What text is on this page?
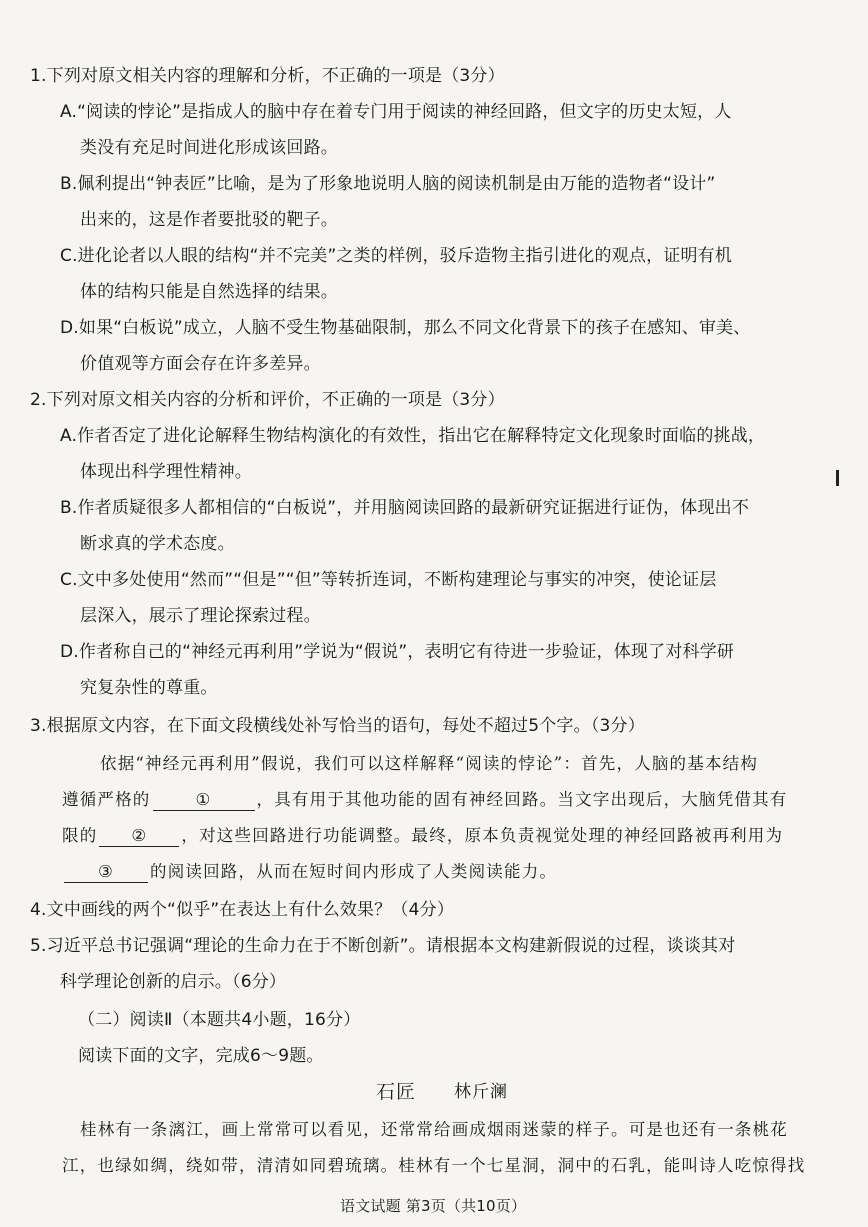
1.下列对原文相关内容的理解和分析，不正确的一项是（3分）
A.“阅读的悖论”是指成人的脑中存在着专门用于阅读的神经回路，但文字的历史太短，人
类没有充足时间进化形成该回路。
B.佩利提出“钟表匠”比喻，是为了形象地说明人脑的阅读机制是由万能的造物者“设计”
出来的，这是作者要批驳的靶子。
C.进化论者以人眼的结构“并不完美”之类的样例，驳斥造物主指引进化的观点，证明有机
体的结构只能是自然选择的结果。
D.如果“白板说”成立，人脑不受生物基础限制，那么不同文化背景下的孩子在感知、审美、
价值观等方面会存在许多差异。
2.下列对原文相关内容的分析和评价，不正确的一项是（3分）
A.作者否定了进化论解释生物结构演化的有效性，指出它在解释特定文化现象时面临的挑战，
体现出科学理性精神。
B.作者质疑很多人都相信的“白板说”，并用脑阅读回路的最新研究证据进行证伪，体现出不
断求真的学术态度。
C.文中多处使用“然而”“但是”“但”等转折连词，不断构建理论与事实的冲突，使论证层
层深入，展示了理论探索过程。
D.作者称自己的“神经元再利用”学说为“假说”，表明它有待进一步验证，体现了对科学研
究复杂性的尊重。
3.根据原文内容，在下面文段横线处补写恰当的语句，每处不超过5个字。（3分）
依据“神经元再利用”假说，我们可以这样解释“阅读的悖论”：首先，人脑的基本结构
遵循严格的	①	，具有用于其他功能的固有神经回路。当文字出现后，大脑凭借其有
限的 ② ，对这些回路进行功能调整。最终，原本负责视觉处理的神经回路被再利用为
③ 的阅读回路，从而在短时间内形成了人类阅读能力。
4.文中画线的两个“似乎”在表达上有什么效果？（4分）
5.习近平总书记强调“理论的生命力在于不断创新”。请根据本文构建新假说的过程，谈谈其对
科学理论创新的启示。（6分）
（二）阅读Ⅱ（本题共4小题，16分）
阅读下面的文字，完成6～9题。
石匠 林斤澜
桂林有一条漓江，画上常常可以看见，还常常给画成烟雨迷蒙的样子。可是也还有一条桃花
江，也绿如绸，绕如带，清清如同碧琉璃。桂林有一个七星洞，洞中的石乳，能叫诗人吃惊得找
语文试题 第3页（共10页）
